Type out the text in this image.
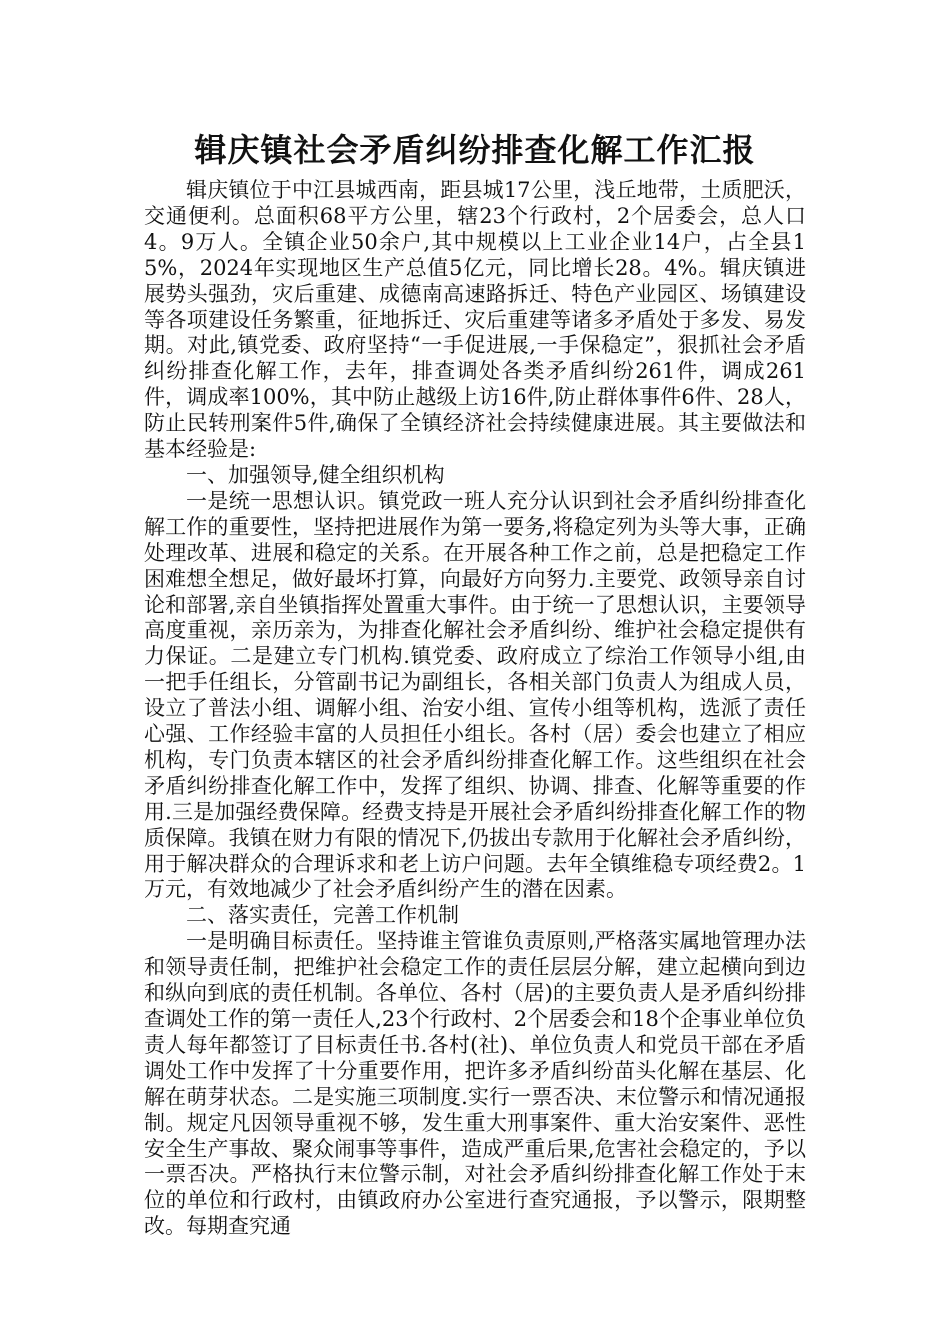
辑庆镇社会矛盾纠纷排查化解工作汇报

辑庆镇位于中江县城西南，距县城17公里，浅丘地带，土质肥沃，交通便利。总面积68平方公里，辖23个行政村，2个居委会，总人口4。9万人。全镇企业50余户,其中规模以上工业企业14户，占全县15%，2024年实现地区生产总值5亿元，同比增长28。4%。辑庆镇进展势头强劲，灾后重建、成德南高速路拆迁、特色产业园区、场镇建设等各项建设任务繁重，征地拆迁、灾后重建等诸多矛盾处于多发、易发期。对此,镇党委、政府坚持“一手促进展,一手保稳定”，狠抓社会矛盾纠纷排查化解工作，去年，排查调处各类矛盾纠纷261件，调成261件，调成率100%，其中防止越级上访16件,防止群体事件6件、28人，防止民转刑案件5件,确保了全镇经济社会持续健康进展。其主要做法和基本经验是:

一、加强领导,健全组织机构

一是统一思想认识。镇党政一班人充分认识到社会矛盾纠纷排查化解工作的重要性，坚持把进展作为第一要务,将稳定列为头等大事，正确处理改革、进展和稳定的关系。在开展各种工作之前，总是把稳定工作困难想全想足，做好最坏打算，向最好方向努力.主要党、政领导亲自讨论和部署,亲自坐镇指挥处置重大事件。由于统一了思想认识，主要领导高度重视，亲历亲为，为排查化解社会矛盾纠纷、维护社会稳定提供有力保证。二是建立专门机构.镇党委、政府成立了综治工作领导小组,由一把手任组长，分管副书记为副组长，各相关部门负责人为组成人员，设立了普法小组、调解小组、治安小组、宣传小组等机构，选派了责任心强、工作经验丰富的人员担任小组长。各村（居）委会也建立了相应机构，专门负责本辖区的社会矛盾纠纷排查化解工作。这些组织在社会矛盾纠纷排查化解工作中，发挥了组织、协调、排查、化解等重要的作用.三是加强经费保障。经费支持是开展社会矛盾纠纷排查化解工作的物质保障。我镇在财力有限的情况下,仍拔出专款用于化解社会矛盾纠纷，用于解决群众的合理诉求和老上访户问题。去年全镇维稳专项经费2。1万元，有效地减少了社会矛盾纠纷产生的潜在因素。

二、落实责任，完善工作机制

一是明确目标责任。坚持谁主管谁负责原则,严格落实属地管理办法和领导责任制，把维护社会稳定工作的责任层层分解，建立起横向到边和纵向到底的责任机制。各单位、各村（居)的主要负责人是矛盾纠纷排查调处工作的第一责任人,23个行政村、2个居委会和18个企事业单位负责人每年都签订了目标责任书.各村(社)、单位负责人和党员干部在矛盾调处工作中发挥了十分重要作用，把许多矛盾纠纷苗头化解在基层、化解在萌芽状态。二是实施三项制度.实行一票否决、末位警示和情况通报制。规定凡因领导重视不够，发生重大刑事案件、重大治安案件、恶性安全生产事故、聚众闹事等事件，造成严重后果,危害社会稳定的，予以一票否决。严格执行末位警示制，对社会矛盾纠纷排查化解工作处于末位的单位和行政村，由镇政府办公室进行查究通报，予以警示，限期整改。每期查究通
